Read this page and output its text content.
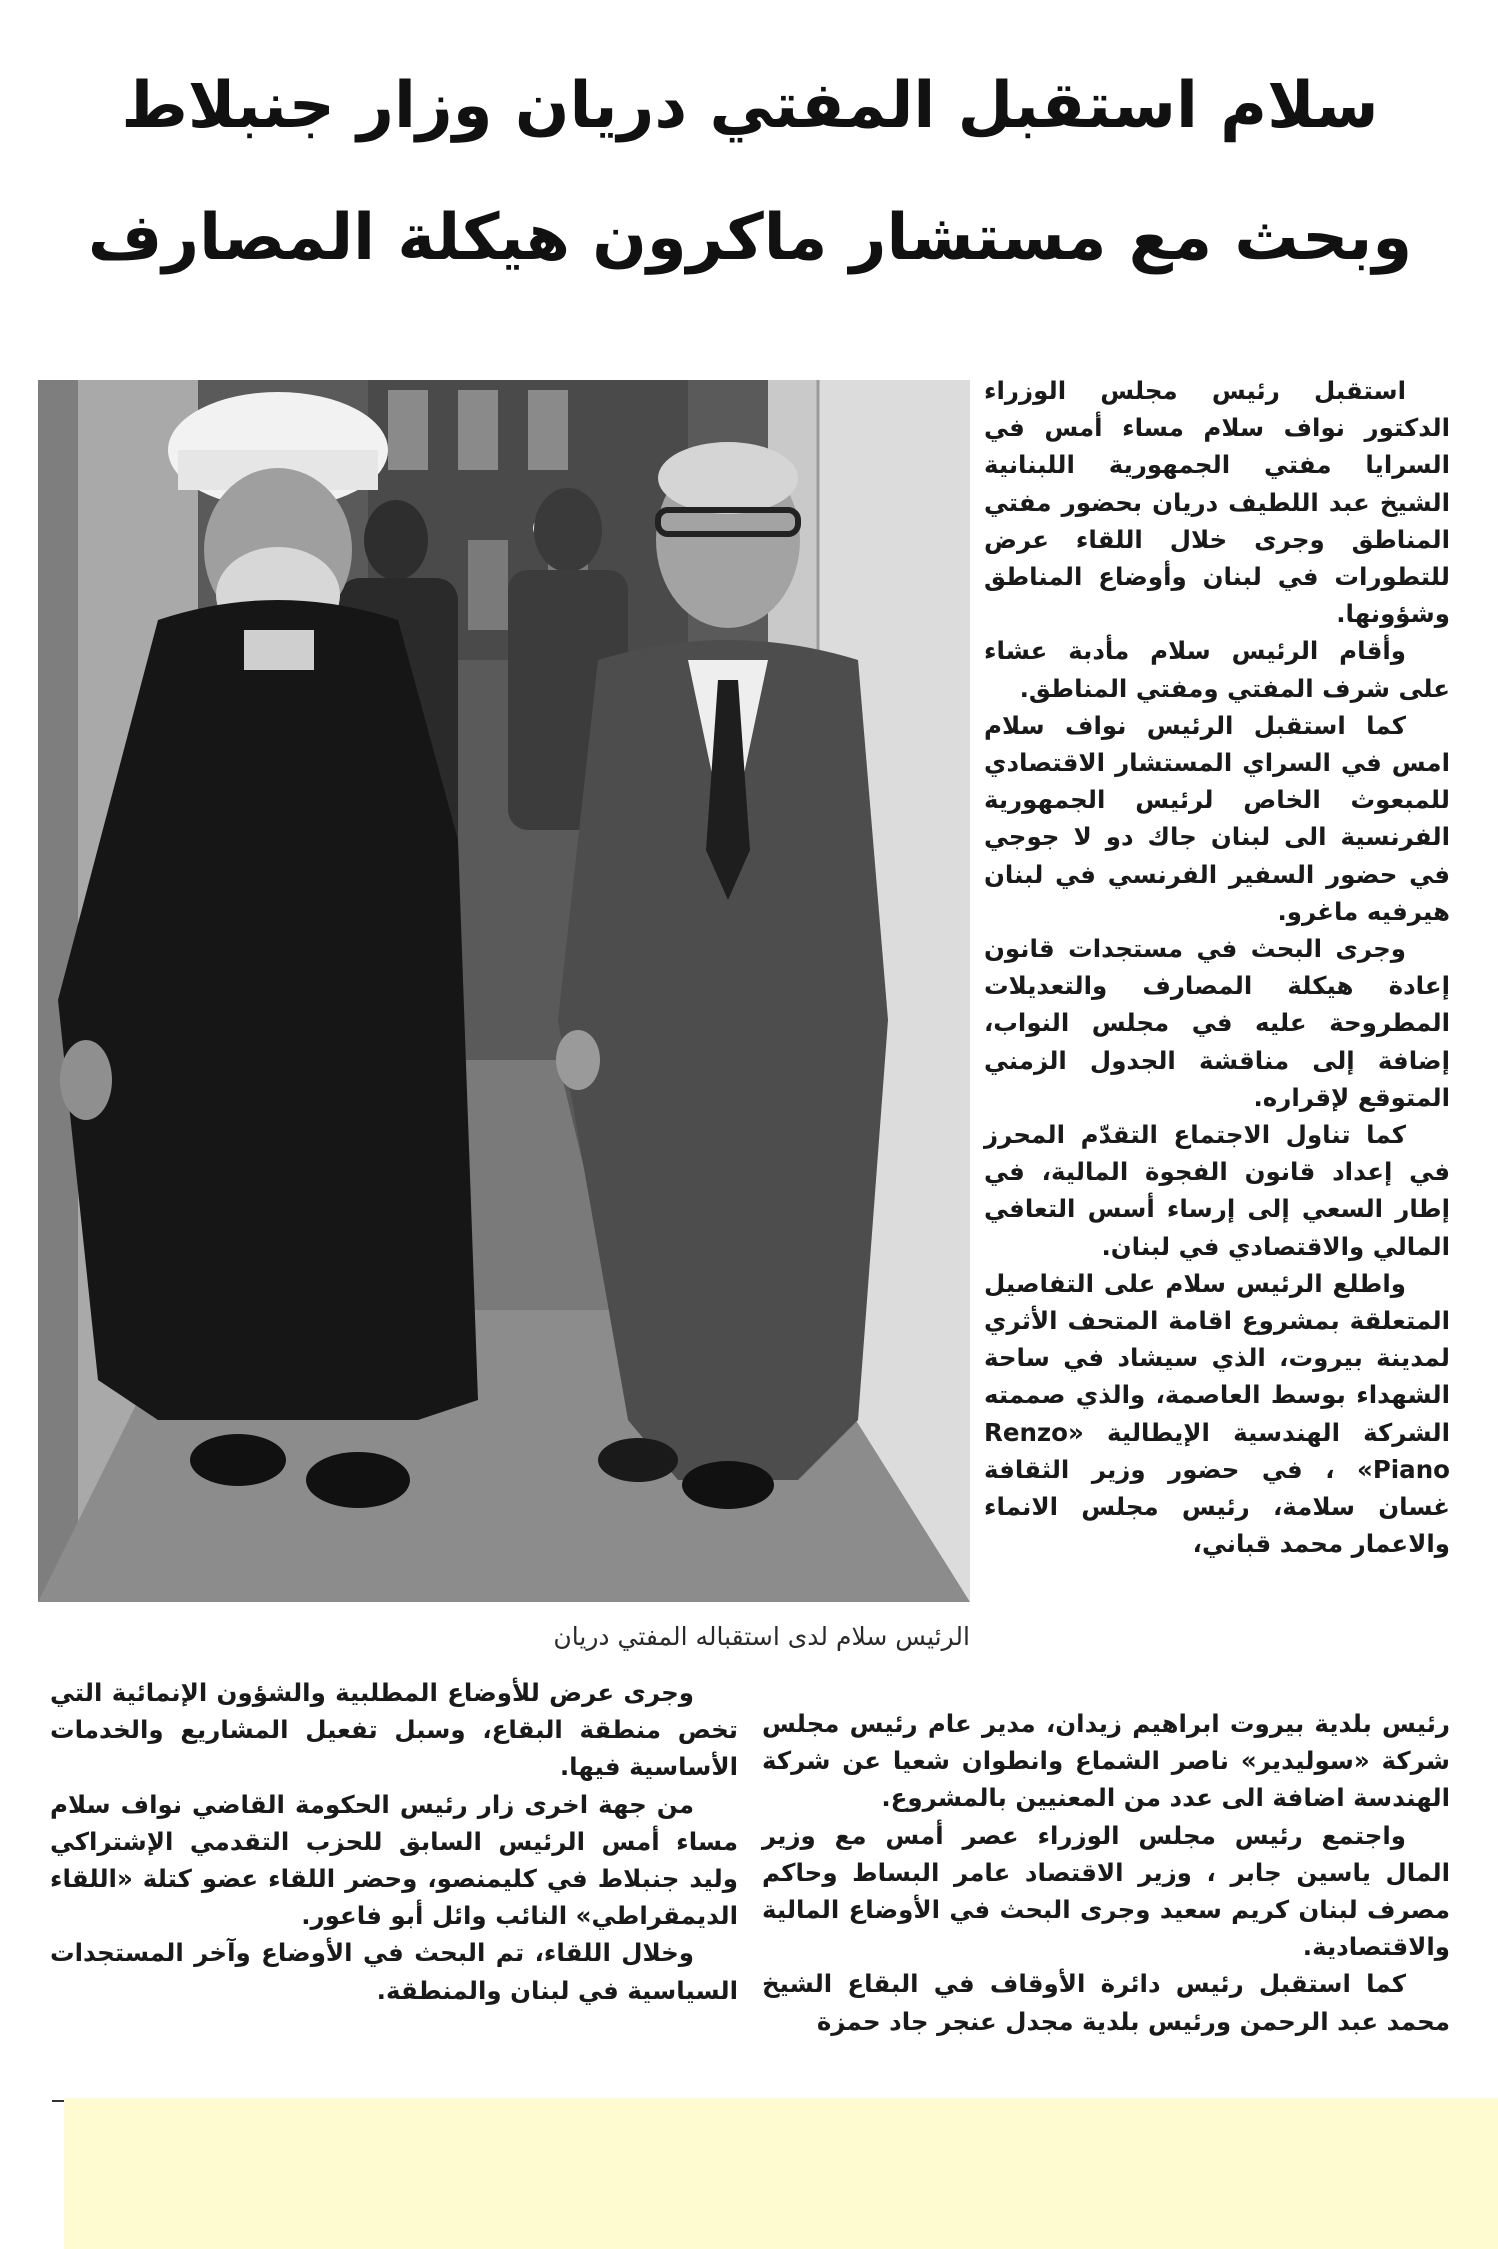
سلام استقبل المفتي دريان وزار جنبلاط
وبحث مع مستشار ماكرون هيكلة المصارف

الرئيس سلام لدى استقباله المفتي دريان

استقبل رئيس مجلس الوزراء الدكتور نواف سلام مساء أمس في السرايا مفتي الجمهورية اللبنانية الشيخ عبد اللطيف دريان بحضور مفتي المناطق وجرى خلال اللقاء عرض للتطورات في لبنان وأوضاع المناطق وشؤونها.

وأقام الرئيس سلام مأدبة عشاء على شرف المفتي ومفتي المناطق.

كما استقبل الرئيس نواف سلام امس في السراي المستشار الاقتصادي للمبعوث الخاص لرئيس الجمهورية الفرنسية الى لبنان جاك دو لا جوجي في حضور السفير الفرنسي في لبنان هيرفيه ماغرو.

وجرى البحث في مستجدات قانون إعادة هيكلة المصارف والتعديلات المطروحة عليه في مجلس النواب، إضافة إلى مناقشة الجدول الزمني المتوقع لإقراره.

كما تناول الاجتماع التقدّم المحرز في إعداد قانون الفجوة المالية، في إطار السعي إلى إرساء أسس التعافي المالي والاقتصادي في لبنان.

واطلع الرئيس سلام على التفاصيل المتعلقة بمشروع اقامة المتحف الأثري لمدينة بيروت، الذي سيشاد في ساحة الشهداء بوسط العاصمة، والذي صممته الشركة الهندسية الإيطالية «Renzo Piano» ، في حضور وزير الثقافة غسان سلامة، رئيس مجلس الانماء والاعمار محمد قباني،

رئيس بلدية بيروت ابراهيم زيدان، مدير عام رئيس مجلس شركة «سوليدير» ناصر الشماع وانطوان شعيا عن شركة الهندسة اضافة الى عدد من المعنيين بالمشروع.

واجتمع رئيس مجلس الوزراء عصر أمس مع وزير المال ياسين جابر ، وزير الاقتصاد عامر البساط وحاكم مصرف لبنان كريم سعيد وجرى البحث في الأوضاع المالية والاقتصادية.

كما استقبل رئيس دائرة الأوقاف في البقاع الشيخ محمد عبد الرحمن ورئيس بلدية مجدل عنجر جاد حمزة

وجرى عرض للأوضاع المطلبية والشؤون الإنمائية التي تخص منطقة البقاع، وسبل تفعيل المشاريع والخدمات الأساسية فيها.

من جهة اخرى زار رئيس الحكومة القاضي نواف سلام مساء أمس الرئيس السابق للحزب التقدمي الإشتراكي وليد جنبلاط في كليمنصو، وحضر اللقاء عضو كتلة «اللقاء الديمقراطي» النائب وائل أبو فاعور.

وخلال اللقاء، تم البحث في الأوضاع وآخر المستجدات السياسية في لبنان والمنطقة.
